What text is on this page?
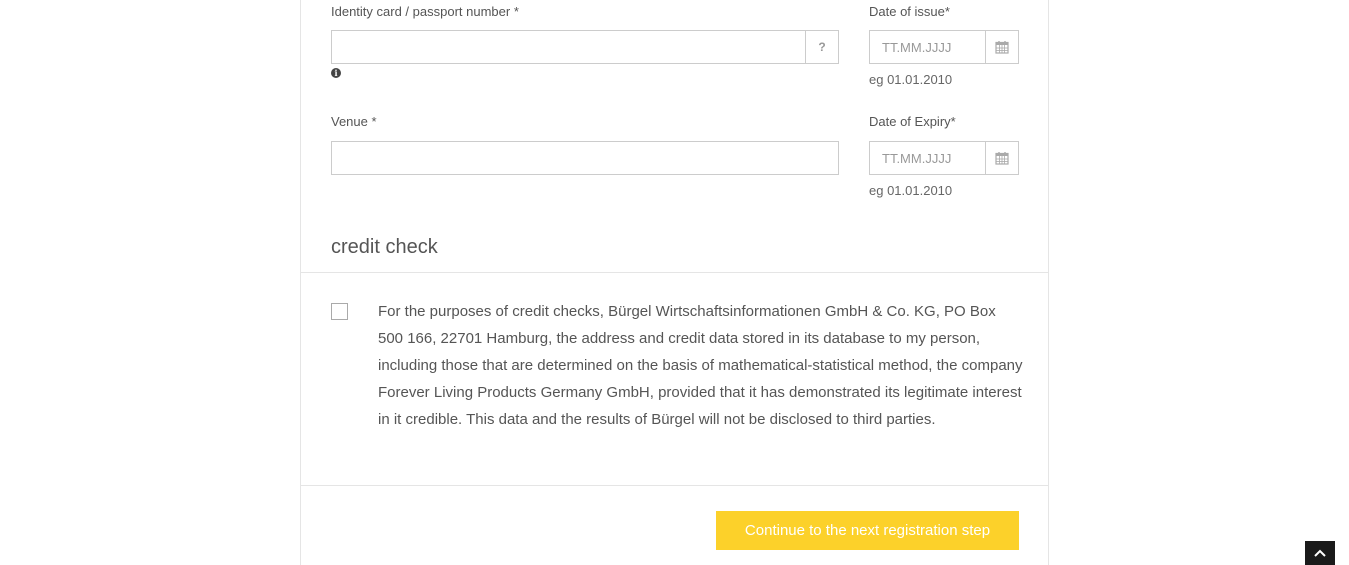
Identity card / passport number *
?
i
Date of issue*
TT.MM.JJJJ
eg 01.01.2010
Venue *	Date of Expiry*
TT.MM.JJJJ
eg 01.01.2010
credit check
For the purposes of credit checks, Bürgel Wirtschaftsinformationen GmbH & Co. KG, PO Box 500 166, 22701 Hamburg, the address and credit data stored in its database to my person, including those that are determined on the basis of mathematical-statistical method, the company Forever Living Products Germany GmbH, provided that it has demonstrated its legitimate interest in it credible. This data and the results of Bürgel will not be disclosed to third parties.
Continue to the next registration step
